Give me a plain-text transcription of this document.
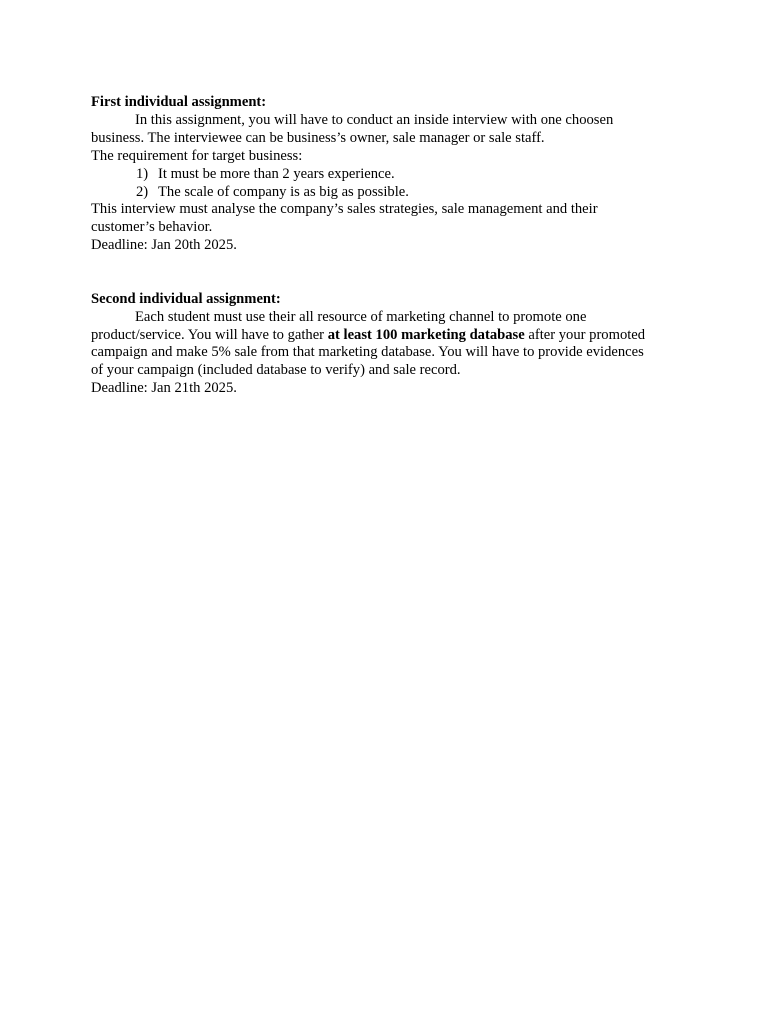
First individual assignment:

In this assignment, you will have to conduct an inside interview with one choosen

business. The interviewee can be business’s owner, sale manager or sale staff.

The requirement for target business:

1) It must be more than 2 years experience.

2) The scale of company is as big as possible.

This interview must analyse the company’s sales strategies, sale management and their

customer’s behavior.

Deadline: Jan 20th 2025.

Second individual assignment:

Each student must use their all resource of marketing channel to promote one

product/service. You will have to gather at least 100 marketing database after your promoted

campaign and make 5% sale from that marketing database. You will have to provide evidences

of your campaign (included database to verify) and sale record.

Deadline: Jan 21th 2025.
